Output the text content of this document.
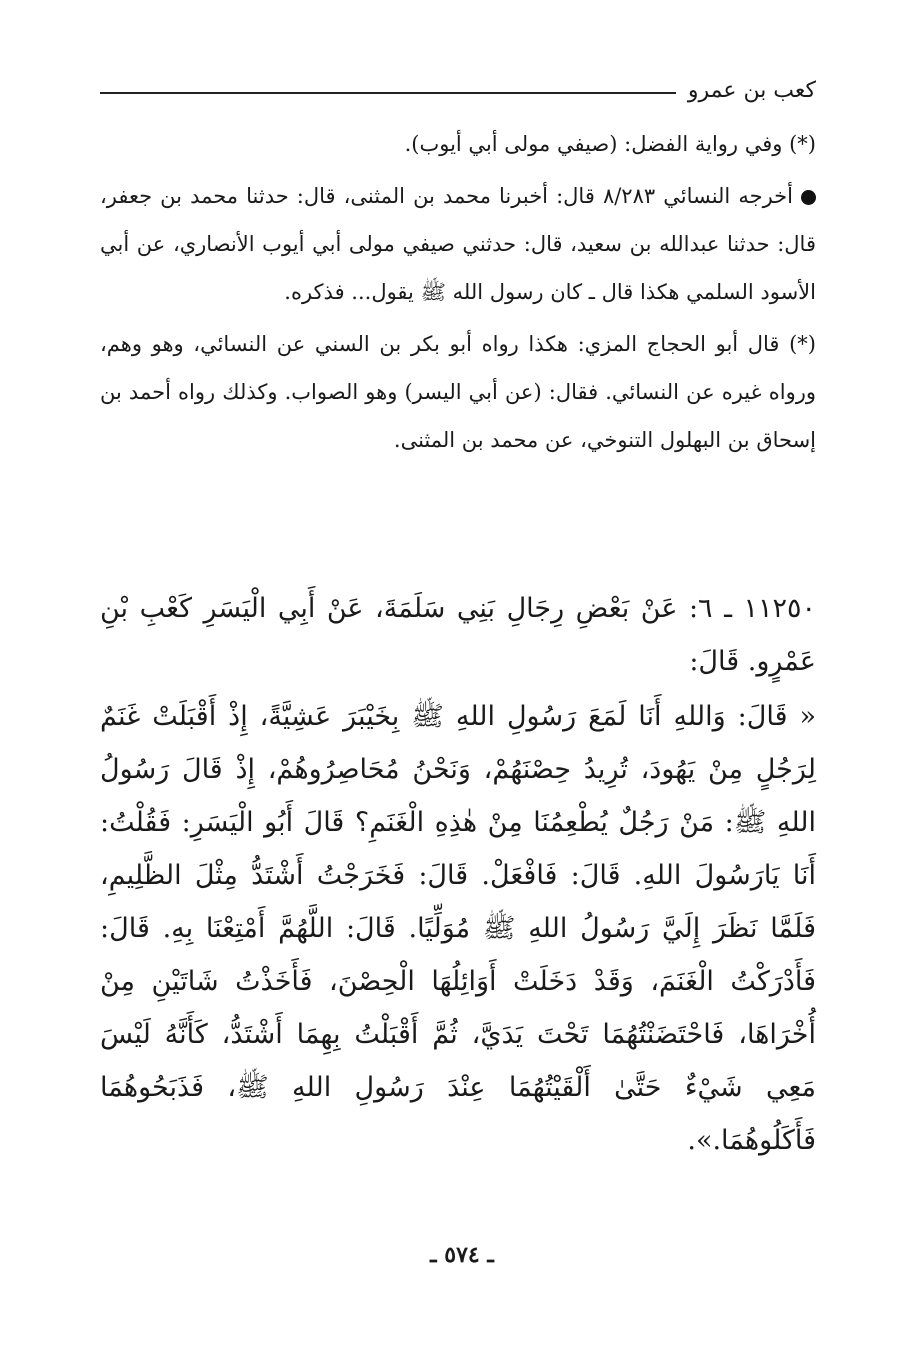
كعب بن عمرو

(*) وفي رواية الفضل: (صيفي مولى أبي أيوب).

أخرجه النسائي ٨/٢٨٣ قال: أخبرنا محمد بن المثنى، قال: حدثنا محمد بن جعفر، قال: حدثنا عبدالله بن سعيد، قال: حدثني صيفي مولى أبي أيوب الأنصاري، عن أبي الأسود السلمي هكذا قال ـ كان رسول الله ﷺ يقول... فذكره.

(*) قال أبو الحجاج المزي: هكذا رواه أبو بكر بن السني عن النسائي، وهو وهم، ورواه غيره عن النسائي. فقال: (عن أبي اليسر) وهو الصواب. وكذلك رواه أحمد بن إسحاق بن البهلول التنوخي، عن محمد بن المثنى.

١١٢٥٠ ـ ٦: عَنْ بَعْضِ رِجَالِ بَنِي سَلَمَةَ، عَنْ أَبِي الْيَسَرِ كَعْبِ بْنِ عَمْرٍو. قَالَ:

« قَالَ: وَاللهِ أَنَا لَمَعَ رَسُولِ اللهِ ﷺ بِخَيْبَرَ عَشِيَّةً، إِذْ أَقْبَلَتْ غَنَمٌ لِرَجُلٍ مِنْ يَهُودَ، تُرِيدُ حِصْنَهُمْ، وَنَحْنُ مُحَاصِرُوهُمْ، إِذْ قَالَ رَسُولُ اللهِ ﷺ: مَنْ رَجُلٌ يُطْعِمُنَا مِنْ هٰذِهِ الْغَنَمِ؟ قَالَ أَبُو الْيَسَرِ: فَقُلْتُ: أَنَا يَارَسُولَ اللهِ. قَالَ: فَافْعَلْ. قَالَ: فَخَرَجْتُ أَشْتَدُّ مِثْلَ الظَّلِيمِ، فَلَمَّا نَظَرَ إِلَيَّ رَسُولُ اللهِ ﷺ مُوَلِّيًا. قَالَ: اللَّهُمَّ أَمْتِعْنَا بِهِ. قَالَ: فَأَدْرَكْتُ الْغَنَمَ، وَقَدْ دَخَلَتْ أَوَائِلُهَا الْحِصْنَ، فَأَخَذْتُ شَاتَيْنِ مِنْ أُخْرَاهَا، فَاحْتَضَنْتُهُمَا تَحْتَ يَدَيَّ، ثُمَّ أَقْبَلْتُ بِهِمَا أَشْتَدُّ، كَأَنَّهُ لَيْسَ مَعِي شَيْءٌ حَتَّىٰ أَلْقَيْتُهُمَا عِنْدَ رَسُولِ اللهِ ﷺ، فَذَبَحُوهُمَا فَأَكَلُوهُمَا.».

ـ ٥٧٤ ـ
